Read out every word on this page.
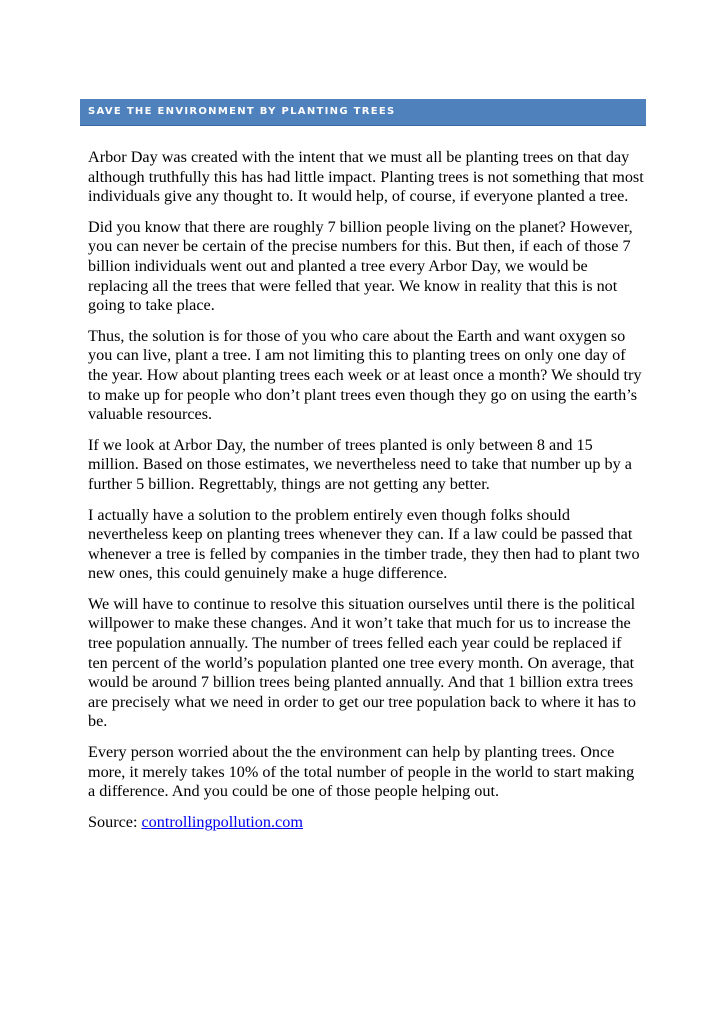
SAVE THE ENVIRONMENT BY PLANTING TREES

Arbor Day was created with the intent that we must all be planting trees on that day although truthfully this has had little impact. Planting trees is not something that most individuals give any thought to. It would help, of course, if everyone planted a tree.

Did you know that there are roughly 7 billion people living on the planet? However, you can never be certain of the precise numbers for this. But then, if each of those 7 billion individuals went out and planted a tree every Arbor Day, we would be replacing all the trees that were felled that year. We know in reality that this is not going to take place.

Thus, the solution is for those of you who care about the Earth and want oxygen so you can live, plant a tree. I am not limiting this to planting trees on only one day of the year. How about planting trees each week or at least once a month? We should try to make up for people who don’t plant trees even though they go on using the earth’s valuable resources.

If we look at Arbor Day, the number of trees planted is only between 8 and 15 million. Based on those estimates, we nevertheless need to take that number up by a further 5 billion. Regrettably, things are not getting any better.

I actually have a solution to the problem entirely even though folks should nevertheless keep on planting trees whenever they can. If a law could be passed that whenever a tree is felled by companies in the timber trade, they then had to plant two new ones, this could genuinely make a huge difference.

We will have to continue to resolve this situation ourselves until there is the political willpower to make these changes. And it won’t take that much for us to increase the tree population annually. The number of trees felled each year could be replaced if ten percent of the world’s population planted one tree every month. On average, that would be around 7 billion trees being planted annually. And that 1 billion extra trees are precisely what we need in order to get our tree population back to where it has to be.

Every person worried about the the environment can help by planting trees. Once more, it merely takes 10% of the total number of people in the world to start making a difference. And you could be one of those people helping out.

Source: controllingpollution.com
